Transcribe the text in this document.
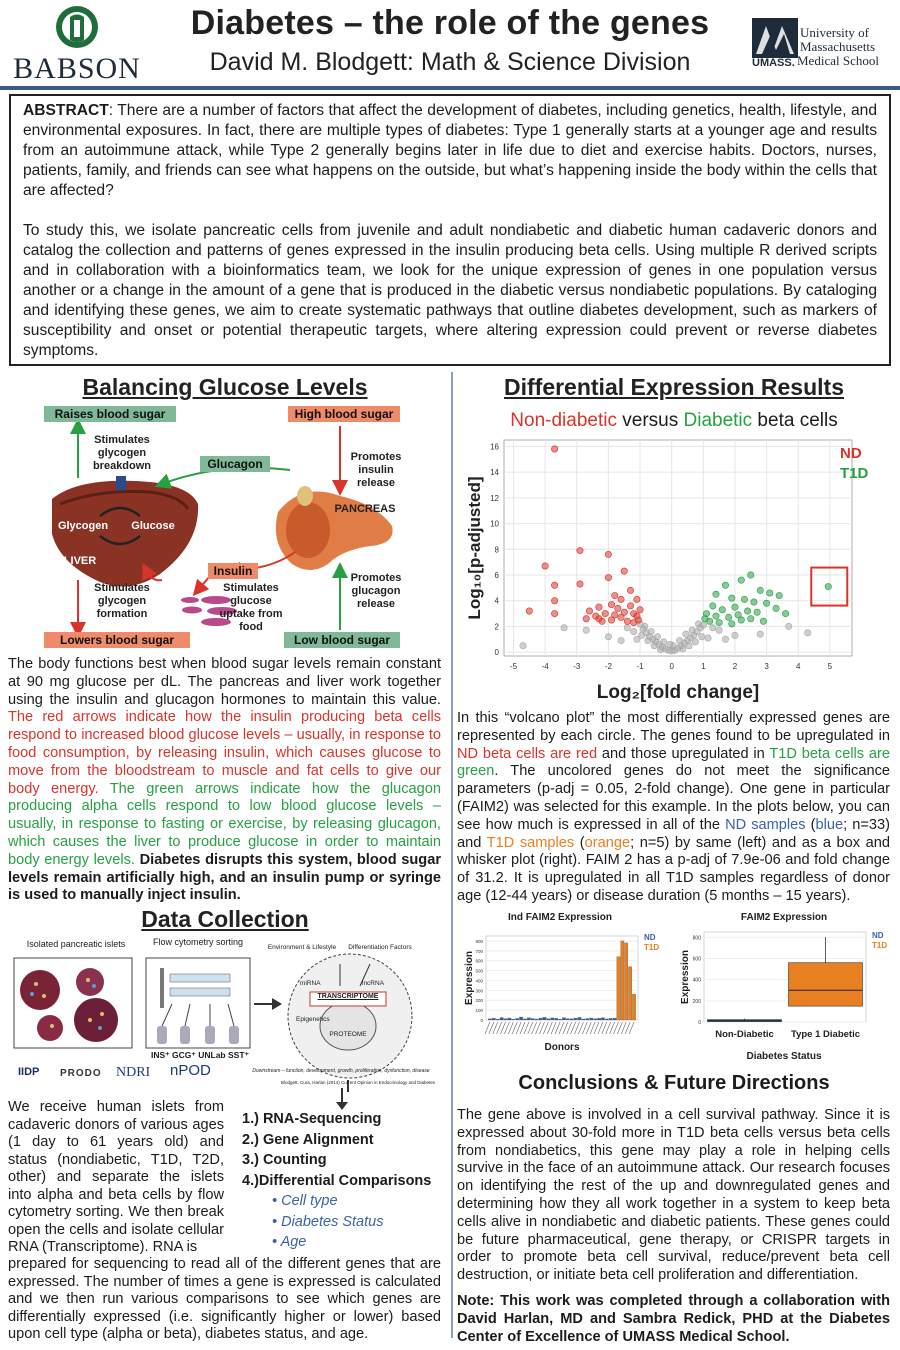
BABSON
Diabetes – the role of the genes
David M. Blodgett: Math & Science Division
University of
Massachusetts
Medical School
UMASS.

ABSTRACT: There are a number of factors that affect the development of diabetes, including genetics, health, lifestyle, and environmental exposures. In fact, there are multiple types of diabetes: Type 1 generally starts at a younger age and results from an autoimmune attack, while Type 2 generally begins later in life due to diet and exercise habits. Doctors, nurses, patients, family, and friends can see what happens on the outside, but what’s happening inside the body within the cells that are affected?

To study this, we isolate pancreatic cells from juvenile and adult nondiabetic and diabetic human cadaveric donors and catalog the collection and patterns of genes expressed in the insulin producing beta cells. Using multiple R derived scripts and in collaboration with a bioinformatics team, we look for the unique expression of genes in one population versus another or a change in the amount of a gene that is produced in the diabetic versus nondiabetic populations. By cataloging and identifying these genes, we aim to create systematic pathways that outline diabetes development, such as markers of susceptibility and onset or potential therapeutic targets, where altering expression could prevent or reverse diabetes symptoms.

Balancing Glucose Levels
Raises blood sugar	High blood sugar
Lowers blood sugar	Low blood sugar
Glucagon
Insulin
Stimulates glycogen breakdown
Stimulates glycogen formation
Stimulates glucose uptake from food
Promotes insulin release
Promotes glucagon release
PANCREAS
LIVER
Glycogen	Glucose
The body functions best when blood sugar levels remain constant at 90 mg glucose per dL. The pancreas and liver work together using the insulin and glucagon hormones to maintain this value. The red arrows indicate how the insulin producing beta cells respond to increased blood glucose levels – usually, in response to food consumption, by releasing insulin, which causes glucose to move from the bloodstream to muscle and fat cells to give our body energy. The green arrows indicate how the glucagon producing alpha cells respond to low blood glucose levels – usually, in response to fasting or exercise, by releasing glucagon, which causes the liver to produce glucose in order to maintain body energy levels. Diabetes disrupts this system, blood sugar levels remain artificially high, and an insulin pump or syringe is used to manually inject insulin.
Data Collection
Isolated pancreatic islets	Flow cytometry sorting
INS⁺ GCG⁺ UNLab SST⁺
Environment & Lifestyle	Differentiation Factors
miRNA	lncRNA
TRANSCRIPTOME
Epigenetics
PROTEOME
Downstream – function, development, growth, proliferation, dysfunction, disease
Blodgett, Cura, Harlan (2014) Current Opinion in Endocrinology and Diabetes
IIDP PRODO NDRI nPOD
We receive human islets from cadaveric donors of various ages (1 day to 61 years old) and status (nondiabetic, T1D, T2D, other) and separate the islets into alpha and beta cells by flow cytometry sorting. We then break open the cells and isolate cellular RNA (Transcriptome). RNA is
1.) RNA-Sequencing
2.) Gene Alignment
3.) Counting
4.)Differential Comparisons
• Cell type
• Diabetes Status
• Age
prepared for sequencing to read all of the different genes that are expressed. The number of times a gene is expressed is calculated and we then run various comparisons to see which genes are differentially expressed (i.e. significantly higher or lower) based upon cell type (alpha or beta), diabetes status, and age.
Differential Expression Results
Non-diabetic versus Diabetic beta cells
-5	-4	-3	-2	-1	0	1	2	3	4	5
0
2
4
6
8
10
12
14
16	ND
T1D
Log₂[fold change]
Log₁₀[p-adjusted]
In this “volcano plot” the most differentially expressed genes are represented by each circle. The genes found to be upregulated in ND beta cells are red and those upregulated in T1D beta cells are green. The uncolored genes do not meet the significance parameters (p-adj = 0.05, 2-fold change). One gene in particular (FAIM2) was selected for this example. In the plots below, you can see how much is expressed in all of the ND samples (blue; n=33) and T1D samples (orange; n=5) by same (left) and as a box and whisker plot (right). FAIM 2 has a p-adj of 7.9e-06 and fold change of 31.2. It is upregulated in all T1D samples regardless of donor age (12-44 years) or disease duration (5 months – 15 years).
Ind FAIM2 Expression
0
100
200
300
400
500
600
700
800	ND
T1D
Donors
Expression
FAIM2 Expression
0
200
400
600
800
Non-Diabetic Type 1 Diabetic
ND
T1D
Diabetes Status
Expression
Conclusions & Future Directions
The gene above is involved in a cell survival pathway. Since it is expressed about 30-fold more in T1D beta cells versus beta cells from nondiabetics, this gene may play a role in helping cells survive in the face of an autoimmune attack. Our research focuses on identifying the rest of the up and downregulated genes and determining how they all work together in a system to keep beta cells alive in nondiabetic and diabetic patients. These genes could be future pharmaceutical, gene therapy, or CRISPR targets in order to promote beta cell survival, reduce/prevent beta cell destruction, or initiate beta cell proliferation and differentiation.
Note: This work was completed through a collaboration with David Harlan, MD and Sambra Redick, PHD at the Diabetes Center of Excellence of UMASS Medical School.
